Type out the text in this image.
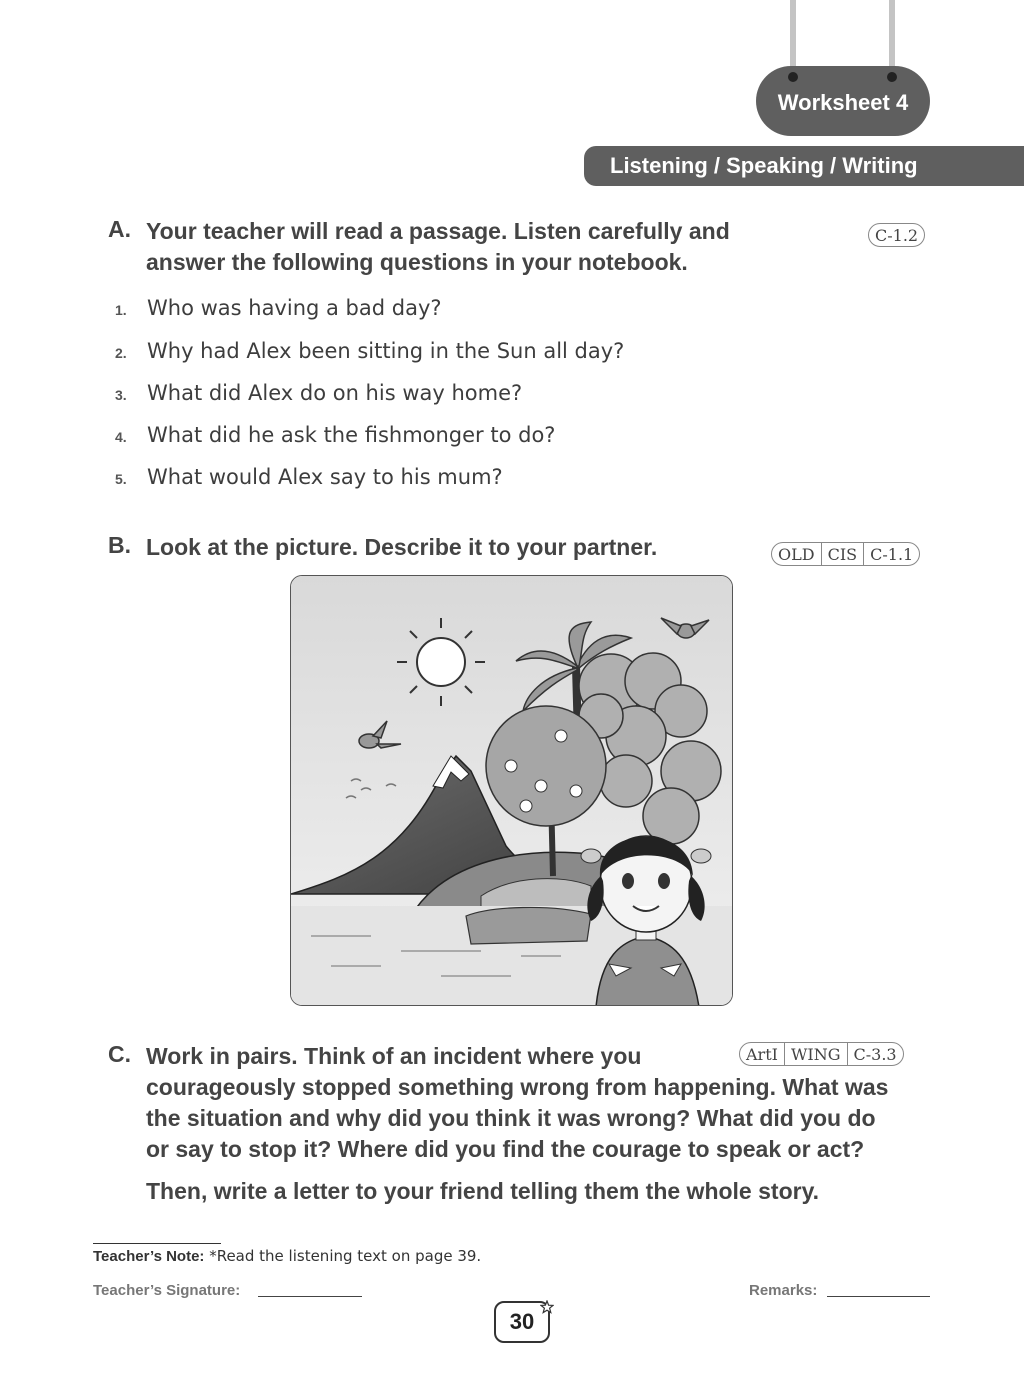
Worksheet 4
Listening / Speaking / Writing
A. Your teacher will read a passage. Listen carefully and
answer the following questions in your notebook.
C-1.2
1. Who was having a bad day?
2. Why had Alex been sitting in the Sun all day?
3. What did Alex do on his way home?
4. What did he ask the fishmonger to do?
5. What would Alex say to his mum?
B. Look at the picture. Describe it to your partner.	OLD CIS C-1.1
C. Work in pairs. Think of an incident where you
courageously stopped something wrong from happening. What was
the situation and why did you think it was wrong? What did you do
or say to stop it? Where did you find the courage to speak or act?
Then, write a letter to your friend telling them the whole story.
ArtI WING C-3.3
Teacher’s Note: *Read the listening text on page 39.
Teacher’s Signature:	Remarks:
30
